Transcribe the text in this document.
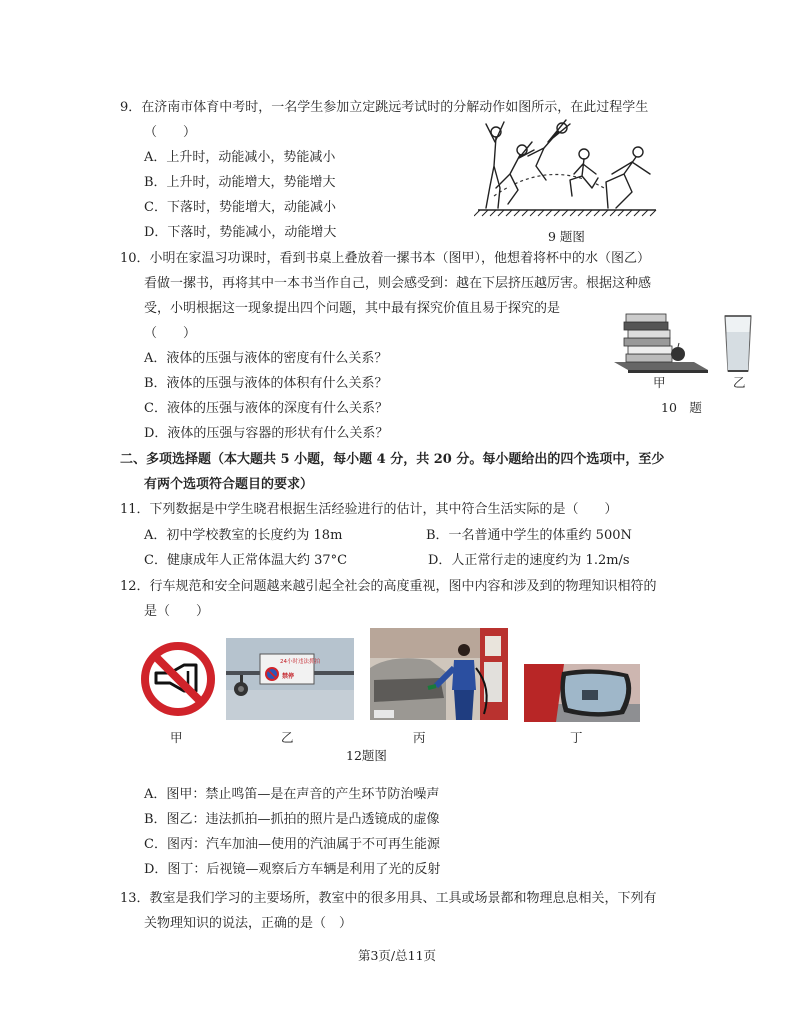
9．在济南市体育中考时，一名学生参加立定跳远考试时的分解动作如图所示，在此过程学生
（　　）
A．上升时，动能减小，势能减小
B．上升时，动能增大，势能增大
C．下落时，势能增大，动能减小
D．下落时，势能减小，动能增大	9 题图
10．小明在家温习功课时，看到书桌上叠放着一摞书本（图甲），他想着将杯中的水（图乙）
看做一摞书，再将其中一本书当作自己，则会感受到：越在下层挤压越厉害。根据这种感
受，小明根据这一现象提出四个问题，其中最有探究价值且易于探究的是
（　　）
A．液体的压强与液体的密度有什么关系？
B．液体的压强与液体的体积有什么关系？
C．液体的压强与液体的深度有什么关系？
D．液体的压强与容器的形状有什么关系？
甲	乙
10　题
二、多项选择题（本大题共 5 小题，每小题 4 分，共 20 分。每小题给出的四个选项中，至少
有两个选项符合题目的要求）
11．下列数据是中学生晓君根据生活经验进行的估计，其中符合生活实际的是（　　）
A．初中学校教室的长度约为 18m	B．一名普通中学生的体重约 500N
C．健康成年人正常体温大约 37°C	D．人正常行走的速度约为 1.2m/s
12．行车规范和安全问题越来越引起全社会的高度重视，图中内容和涉及到的物理知识相符的
是（　　）
24小时违法抓拍
禁停
甲	乙	丙	丁
12题图
A．图甲：禁止鸣笛—是在声音的产生环节防治噪声
B．图乙：违法抓拍—抓拍的照片是凸透镜成的虚像
C．图丙：汽车加油—使用的汽油属于不可再生能源
D．图丁：后视镜—观察后方车辆是利用了光的反射
13．教室是我们学习的主要场所，教室中的很多用具、工具或场景都和物理息息相关，下列有
关物理知识的说法，正确的是（　）
第3页/总11页
